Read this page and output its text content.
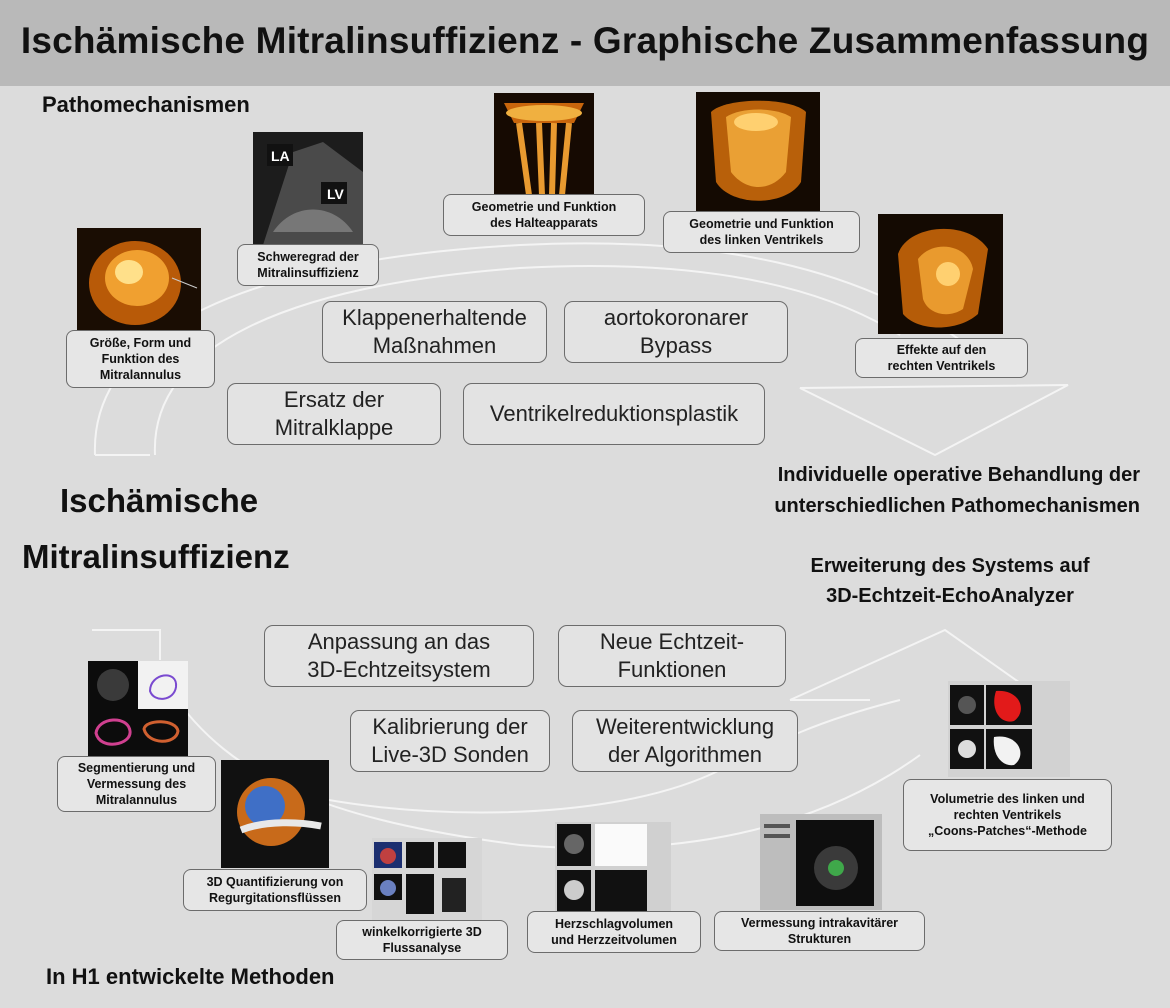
Ischämische Mitralinsuffizienz - Graphische Zusammenfassung
Pathomechanismen
Ischämische
Mitralinsuffizienz
Individuelle operative Behandlung der
unterschiedlichen Pathomechanismen
Erweiterung des Systems auf
3D-Echtzeit-EchoAnalyzer
In H1 entwickelte Methoden
LA
LV
Größe, Form und
Funktion des
Mitralannulus
Schweregrad der
Mitralinsuffizienz
Geometrie und Funktion
des Halteapparats	Geometrie und Funktion
des linken Ventrikels
Effekte auf den
rechten Ventrikels
Klappenerhaltende
Maßnahmen
aortokoronarer
Bypass
Ersatz der
Mitralklappe
Ventrikelreduktionsplastik
Segmentierung und
Vermessung des
Mitralannulus
3D Quantifizierung von
Regurgitationsflüssen
winkelkorrigierte 3D
Flussanalyse
Herzschlagvolumen
und Herzzeitvolumen
Vermessung intrakavitärer
Strukturen
Volumetrie des linken und
rechten Ventrikels
„Coons-Patches“-Methode
Anpassung an das
3D-Echtzeitsystem
Neue Echtzeit-
Funktionen
Kalibrierung der
Live-3D Sonden
Weiterentwicklung
der Algorithmen
